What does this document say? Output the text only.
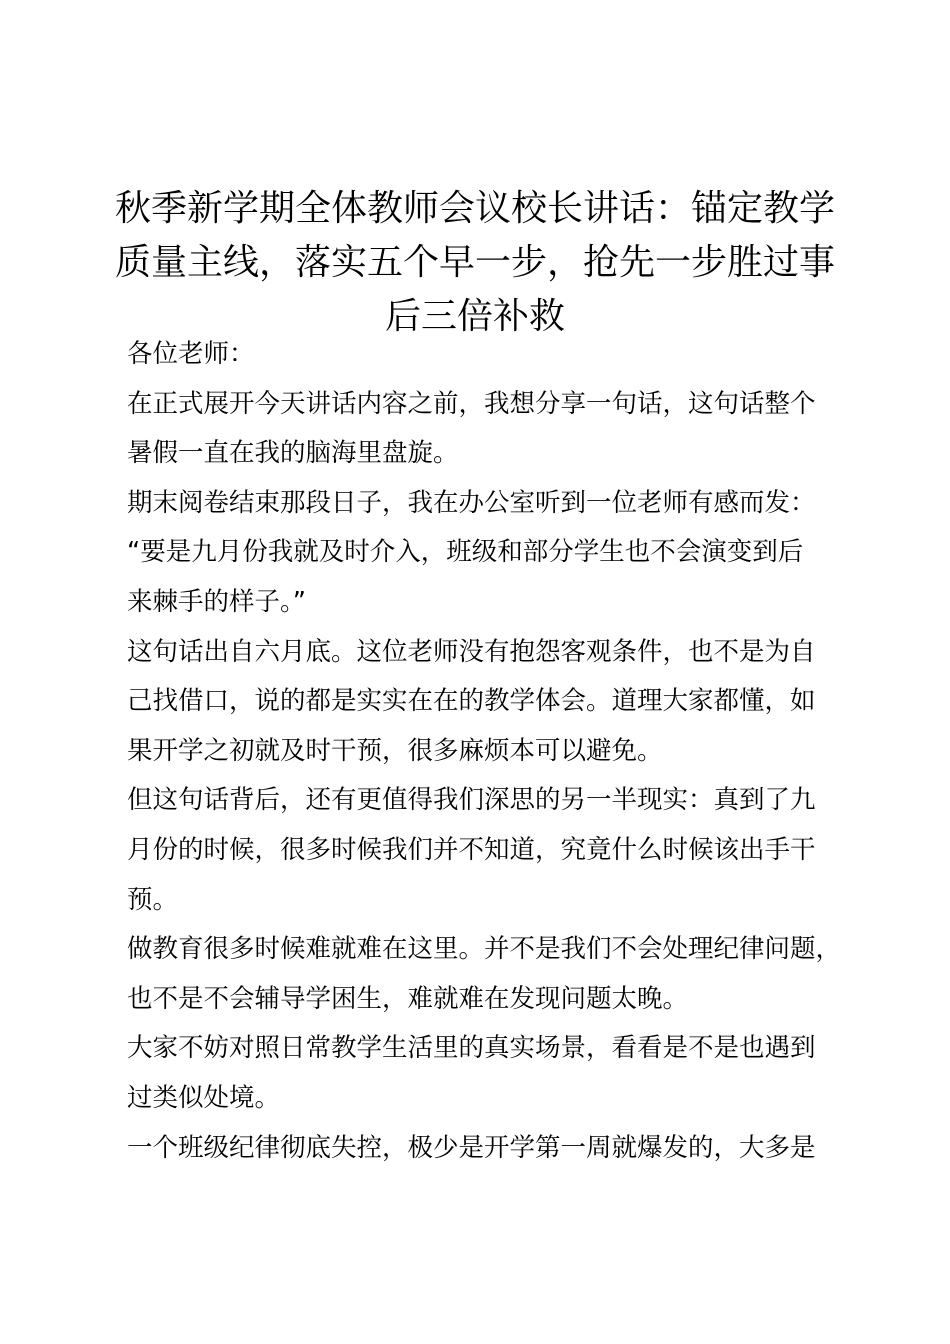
秋季新学期全体教师会议校长讲话：锚定教学
质量主线，落实五个早一步，抢先一步胜过事
后三倍补救
各位老师：
在正式展开今天讲话内容之前，我想分享一句话，这句话整个
暑假一直在我的脑海里盘旋。
期末阅卷结束那段日子，我在办公室听到一位老师有感而发：
“要是九月份我就及时介入，班级和部分学生也不会演变到后
来棘手的样子。”
这句话出自六月底。这位老师没有抱怨客观条件，也不是为自
己找借口，说的都是实实在在的教学体会。道理大家都懂，如
果开学之初就及时干预，很多麻烦本可以避免。
但这句话背后，还有更值得我们深思的另一半现实：真到了九
月份的时候，很多时候我们并不知道，究竟什么时候该出手干
预。
做教育很多时候难就难在这里。并不是我们不会处理纪律问题，
也不是不会辅导学困生，难就难在发现问题太晚。
大家不妨对照日常教学生活里的真实场景，看看是不是也遇到
过类似处境。
一个班级纪律彻底失控，极少是开学第一周就爆发的，大多是
